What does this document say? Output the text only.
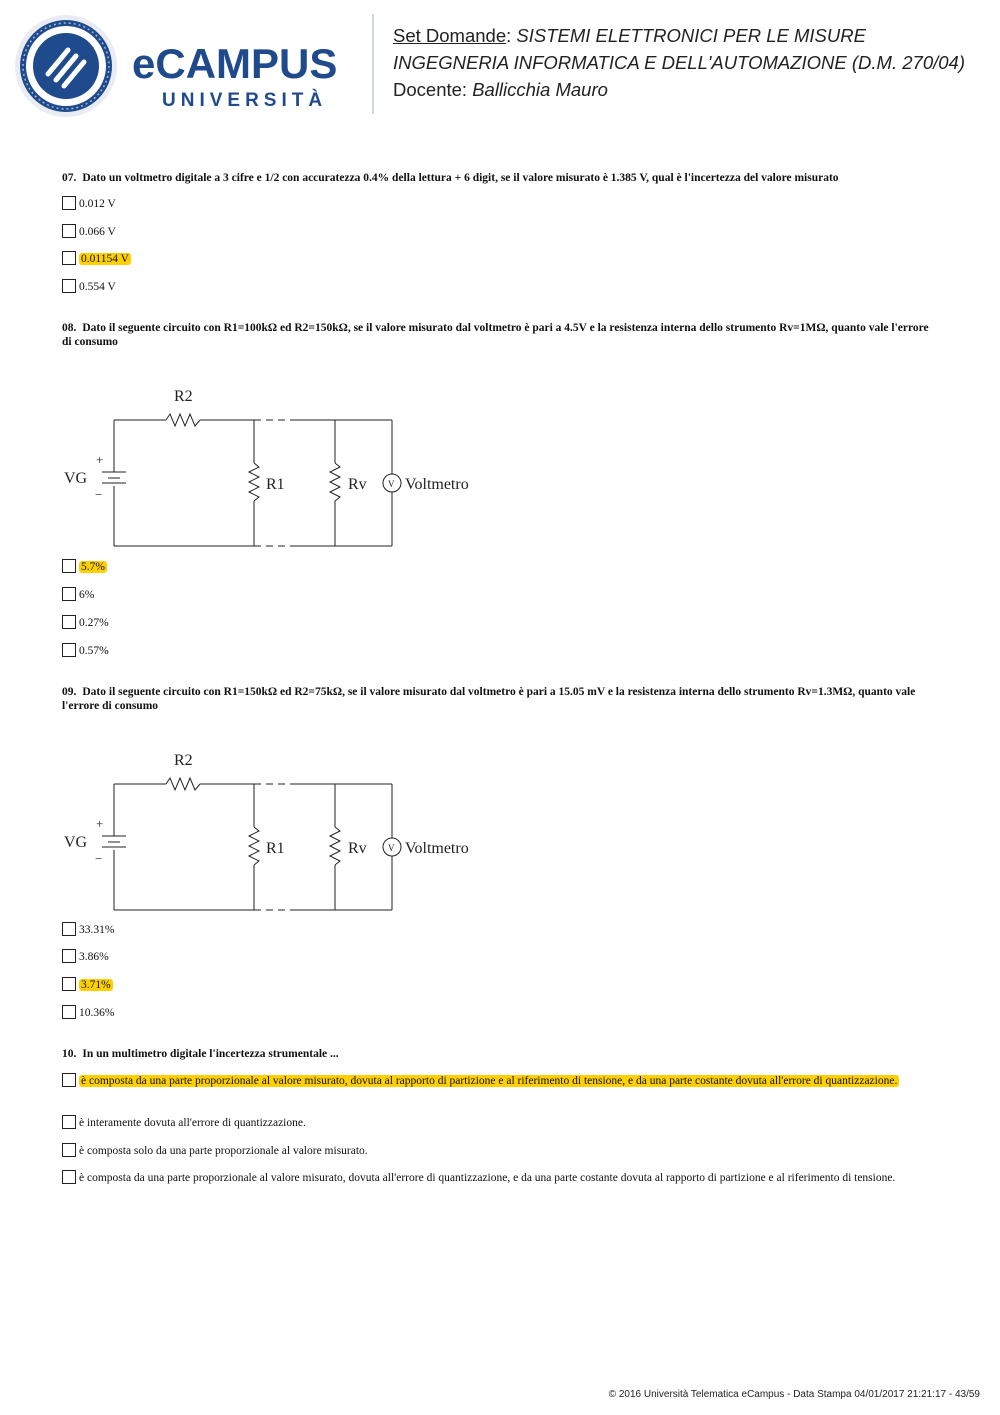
eCAMPUS
UNIVERSITÀ
Set Domande: SISTEMI ELETTRONICI PER LE MISURE
INGEGNERIA INFORMATICA E DELL'AUTOMAZIONE (D.M. 270/04)
Docente: Ballicchia Mauro
07. Dato un voltmetro digitale a 3 cifre e 1/2 con accuratezza 0.4% della lettura + 6 digit, se il valore misurato è 1.385 V, qual è l'incertezza del valore misurato
0.012 V
0.066 V
0.01154 V
0.554 V
08. Dato il seguente circuito con R1=100kΩ ed R2=150kΩ, se il valore misurato dal voltmetro è pari a 4.5V e la resistenza interna dello strumento Rv=1MΩ, quanto vale l'errore di consumo
R2
VG
+
−
R1	Rv V Voltmetro
5.7%
6%
0.27%
0.57%
09. Dato il seguente circuito con R1=150kΩ ed R2=75kΩ, se il valore misurato dal voltmetro è pari a 15.05 mV e la resistenza interna dello strumento Rv=1.3MΩ, quanto vale l'errore di consumo
R2
VG
+
−
R1	Rv V Voltmetro
33.31%
3.86%
3.71%
10.36%
10. In un multimetro digitale l'incertezza strumentale ...
è composta da una parte proporzionale al valore misurato, dovuta al rapporto di partizione e al riferimento di tensione, e da una parte costante dovuta all'errore di quantizzazione.
è interamente dovuta all'errore di quantizzazione.
è composta solo da una parte proporzionale al valore misurato.
è composta da una parte proporzionale al valore misurato, dovuta all'errore di quantizzazione, e da una parte costante dovuta al rapporto di partizione e al riferimento di tensione.
© 2016 Università Telematica eCampus - Data Stampa 04/01/2017 21:21:17 - 43/59
